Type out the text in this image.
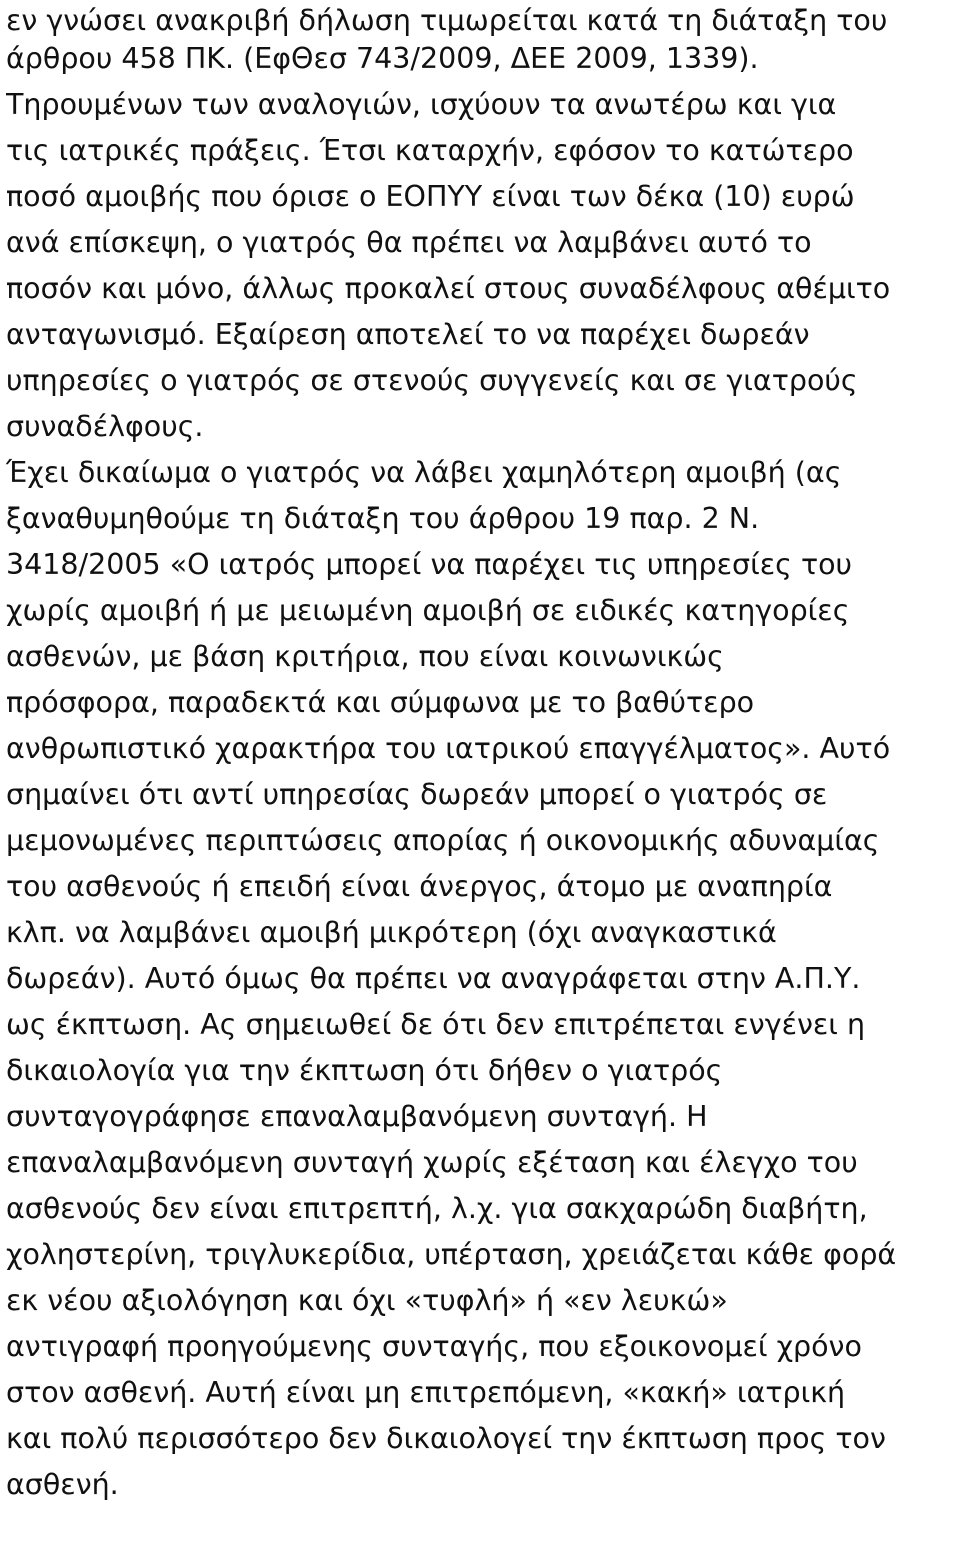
εν γνώσει ανακριβή δήλωση τιμωρείται κατά τη διάταξη του
άρθρου 458 ΠΚ. (ΕφΘεσ 743/2009, ΔΕΕ 2009, 1339).
Τηρουμένων των αναλογιών, ισχύουν τα ανωτέρω και για
τις ιατρικές πράξεις. Έτσι καταρχήν, εφόσον το κατώτερο
ποσό αμοιβής που όρισε ο ΕΟΠΥΥ είναι των δέκα (10) ευρώ
ανά επίσκεψη, ο γιατρός θα πρέπει να λαμβάνει αυτό το
ποσόν και μόνο, άλλως προκαλεί στους συναδέλφους αθέμιτο
ανταγωνισμό. Εξαίρεση αποτελεί το να παρέχει δωρεάν
υπηρεσίες ο γιατρός σε στενούς συγγενείς και σε γιατρούς
συναδέλφους.
Έχει δικαίωμα ο γιατρός να λάβει χαμηλότερη αμοιβή (ας
ξαναθυμηθούμε τη διάταξη του άρθρου 19 παρ. 2 Ν.
3418/2005 «Ο ιατρός μπορεί να παρέχει τις υπηρεσίες του
χωρίς αμοιβή ή με μειωμένη αμοιβή σε ειδικές κατηγορίες
ασθενών, με βάση κριτήρια, που είναι κοινωνικώς
πρόσφορα, παραδεκτά και σύμφωνα με το βαθύτερο
ανθρωπιστικό χαρακτήρα του ιατρικού επαγγέλματος». Αυτό
σημαίνει ότι αντί υπηρεσίας δωρεάν μπορεί ο γιατρός σε
μεμονωμένες περιπτώσεις απορίας ή οικονομικής αδυναμίας
του ασθενούς ή επειδή είναι άνεργος, άτομο με αναπηρία
κλπ. να λαμβάνει αμοιβή μικρότερη (όχι αναγκαστικά
δωρεάν). Αυτό όμως θα πρέπει να αναγράφεται στην Α.Π.Υ.
ως έκπτωση. Ας σημειωθεί δε ότι δεν επιτρέπεται ενγένει η
δικαιολογία για την έκπτωση ότι δήθεν ο γιατρός
συνταγογράφησε επαναλαμβανόμενη συνταγή. Η
επαναλαμβανόμενη συνταγή χωρίς εξέταση και έλεγχο του
ασθενούς δεν είναι επιτρεπτή, λ.χ. για σακχαρώδη διαβήτη,
χοληστερίνη, τριγλυκερίδια, υπέρταση, χρειάζεται κάθε φορά
εκ νέου αξιολόγηση και όχι «τυφλή» ή «εν λευκώ»
αντιγραφή προηγούμενης συνταγής, που εξοικονομεί χρόνο
στον ασθενή. Αυτή είναι μη επιτρεπόμενη, «κακή» ιατρική
και πολύ περισσότερο δεν δικαιολογεί την έκπτωση προς τον
ασθενή.
